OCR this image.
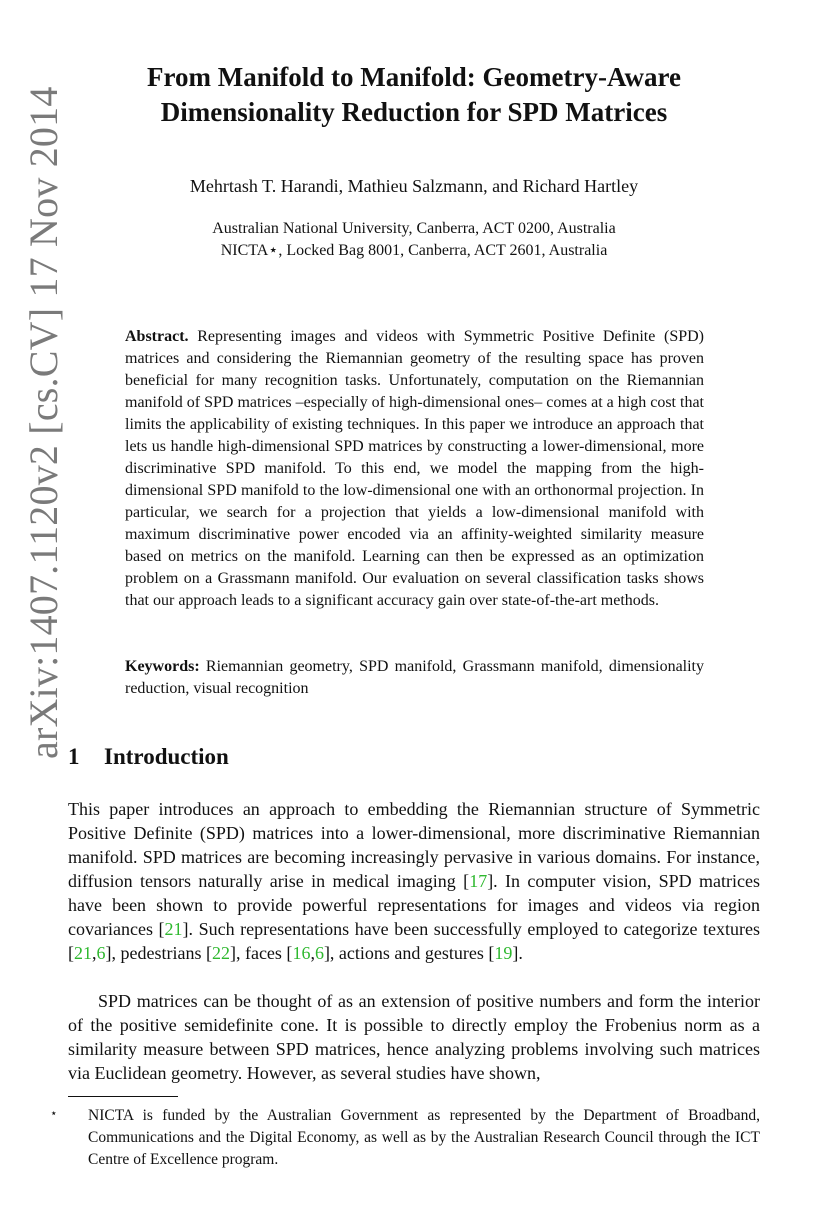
arXiv:1407.1120v2 [cs.CV] 17 Nov 2014
From Manifold to Manifold: Geometry-Aware
Dimensionality Reduction for SPD Matrices
Mehrtash T. Harandi, Mathieu Salzmann, and Richard Hartley
Australian National University, Canberra, ACT 0200, Australia
NICTA⋆, Locked Bag 8001, Canberra, ACT 2601, Australia
Abstract. Representing images and videos with Symmetric Positive Definite (SPD) matrices and considering the Riemannian geometry of the resulting space has proven beneficial for many recognition tasks. Unfortunately, computation on the Riemannian manifold of SPD matrices –especially of high-dimensional ones– comes at a high cost that limits the applicability of existing techniques. In this paper we introduce an approach that lets us handle high-dimensional SPD matrices by constructing a lower-dimensional, more discriminative SPD manifold. To this end, we model the mapping from the high-dimensional SPD manifold to the low-dimensional one with an orthonormal projection. In particular, we search for a projection that yields a low-dimensional manifold with maximum discriminative power encoded via an affinity-weighted similarity measure based on metrics on the manifold. Learning can then be expressed as an optimization problem on a Grassmann manifold. Our evaluation on several classification tasks shows that our approach leads to a significant accuracy gain over state-of-the-art methods.
Keywords: Riemannian geometry, SPD manifold, Grassmann manifold, dimensionality reduction, visual recognition
1 Introduction
This paper introduces an approach to embedding the Riemannian structure of Symmetric Positive Definite (SPD) matrices into a lower-dimensional, more discriminative Riemannian manifold. SPD matrices are becoming increasingly pervasive in various domains. For instance, diffusion tensors naturally arise in medical imaging [17]. In computer vision, SPD matrices have been shown to provide powerful representations for images and videos via region covariances [21]. Such representations have been successfully employed to categorize textures [21,6], pedestrians [22], faces [16,6], actions and gestures [19].
SPD matrices can be thought of as an extension of positive numbers and form the interior of the positive semidefinite cone. It is possible to directly employ the Frobenius norm as a similarity measure between SPD matrices, hence analyzing problems involving such matrices via Euclidean geometry. However, as several studies have shown,
⋆ NICTA is funded by the Australian Government as represented by the Department of Broadband, Communications and the Digital Economy, as well as by the Australian Research Council through the ICT Centre of Excellence program.
